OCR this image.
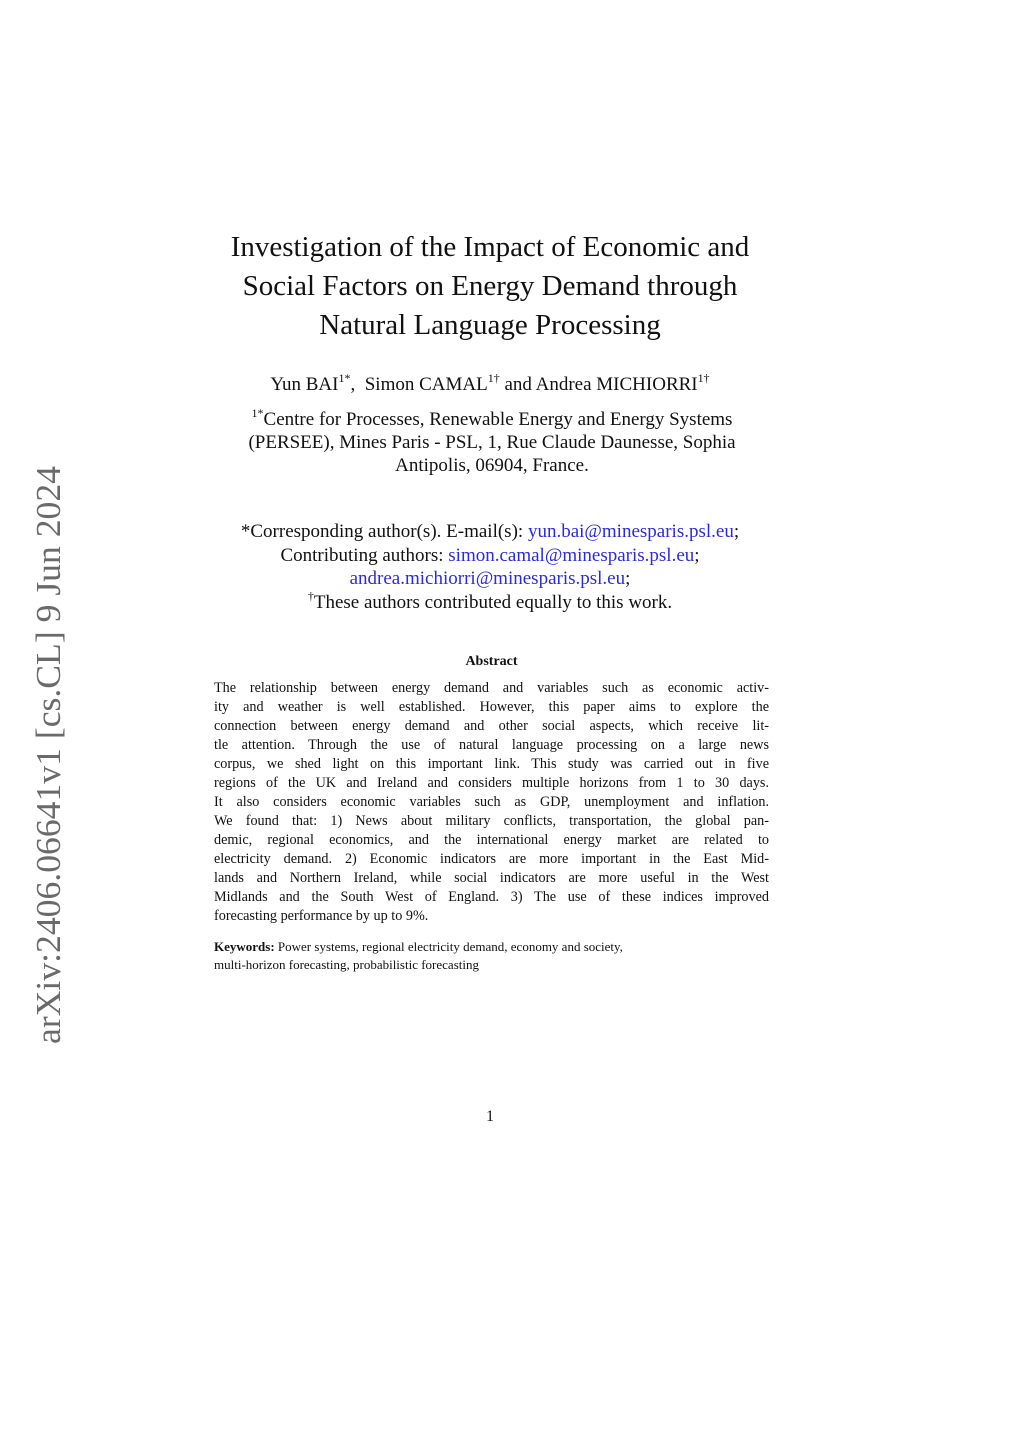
arXiv:2406.06641v1 [cs.CL] 9 Jun 2024
Investigation of the Impact of Economic and
Social Factors on Energy Demand through
Natural Language Processing
Yun $BAI^{1*}$,  Simon $CAMAL^{1\dagger}$ and Andrea $MICHIORRI^{1\dagger}$
$^{1*}$Centre for Processes, Renewable Energy and Energy Systems
(PERSEE), Mines Paris - PSL, 1, Rue Claude Daunesse, Sophia
Antipolis, 06904, France.
*Corresponding author(s). E-mail(s): yun.bai@minesparis.psl.eu;
Contributing authors: simon.camal@minesparis.psl.eu;
andrea.michiorri@minesparis.psl.eu;
†These authors contributed equally to this work.
Abstract
The relationship between energy demand and variables such as economic activ-
ity and weather is well established. However, this paper aims to explore the
connection between energy demand and other social aspects, which receive lit-
tle attention. Through the use of natural language processing on a large news
corpus, we shed light on this important link. This study was carried out in five
regions of the UK and Ireland and considers multiple horizons from 1 to 30 days.
It also considers economic variables such as GDP, unemployment and inflation.
We found that: 1) News about military conflicts, transportation, the global pan-
demic, regional economics, and the international energy market are related to
electricity demand. 2) Economic indicators are more important in the East Mid-
lands and Northern Ireland, while social indicators are more useful in the West
Midlands and the South West of England. 3) The use of these indices improved
forecasting performance by up to 9%.
Keywords: Power systems, regional electricity demand, economy and society,
multi-horizon forecasting, probabilistic forecasting
1
